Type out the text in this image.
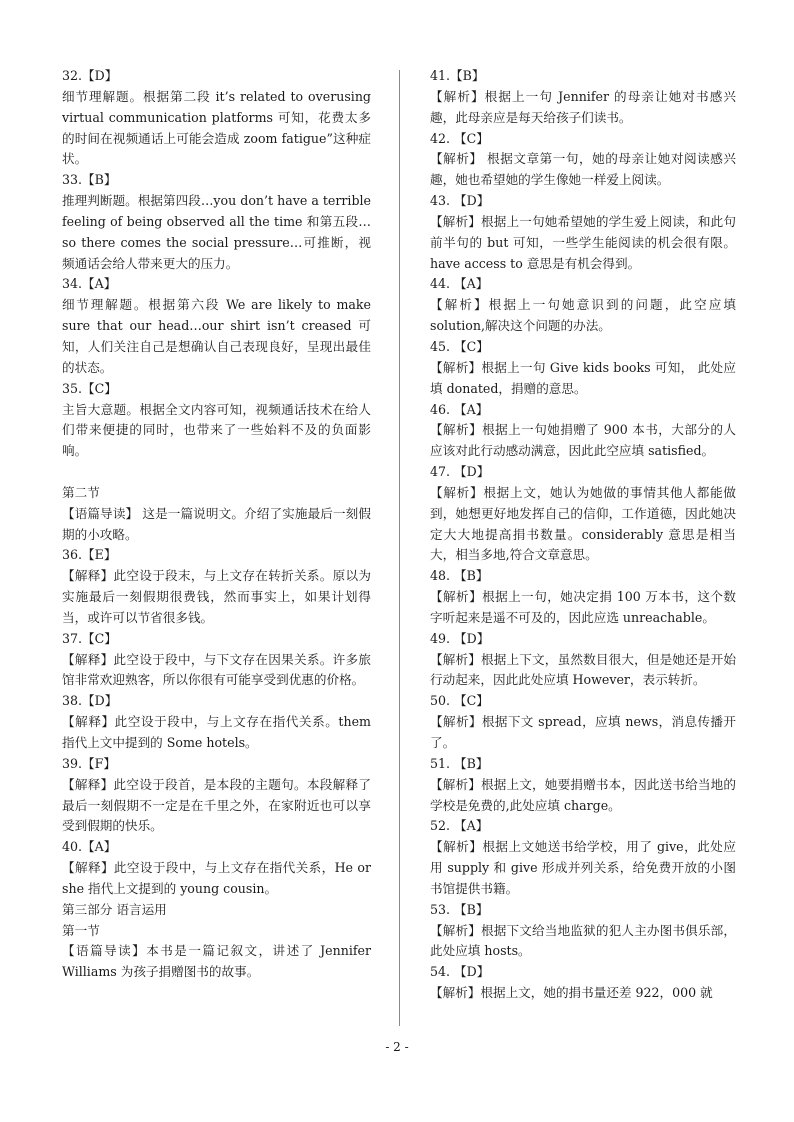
32.【D】

细节理解题。根据第二段 it’s related to overusing virtual communication platforms 可知，花费太多的时间在视频通话上可能会造成 zoom fatigue”这种症状。

33.【B】

推理判断题。根据第四段…you don’t have a terrible feeling of being observed all the time 和第五段…so there comes the social pressure…可推断，视频通话会给人带来更大的压力。

34.【A】

细节理解题。根据第六段 We are likely to make sure that our head…our shirt isn’t creased 可知，人们关注自己是想确认自己表现良好，呈现出最佳的状态。

35.【C】

主旨大意题。根据全文内容可知，视频通话技术在给人们带来便捷的同时，也带来了一些始料不及的负面影响。

第二节

【语篇导读】 这是一篇说明文。介绍了实施最后一刻假期的小攻略。

36.【E】

【解释】此空设于段末，与上文存在转折关系。原以为实施最后一刻假期很费钱，然而事实上，如果计划得当，或许可以节省很多钱。

37.【C】

【解释】此空设于段中，与下文存在因果关系。许多旅馆非常欢迎熟客，所以你很有可能享受到优惠的价格。

38.【D】

【解释】此空设于段中，与上文存在指代关系。them 指代上文中提到的 Some hotels。

39.【F】

【解释】此空设于段首，是本段的主题句。本段解释了最后一刻假期不一定是在千里之外，在家附近也可以享受到假期的快乐。

40.【A】

【解释】此空设于段中，与上文存在指代关系，He or she 指代上文提到的 young cousin。

第三部分 语言运用

第一节

【语篇导读】本书是一篇记叙文，讲述了 Jennifer Williams 为孩子捐赠图书的故事。

41.【B】

【解析】根据上一句 Jennifer 的母亲让她对书感兴趣，此母亲应是每天给孩子们读书。

42. 【C】

【解析】 根据文章第一句，她的母亲让她对阅读感兴趣，她也希望她的学生像她一样爱上阅读。

43. 【D】

【解析】根据上一句她希望她的学生爱上阅读，和此句前半句的 but 可知，一些学生能阅读的机会很有限。have access to 意思是有机会得到。

44. 【A】

【解析】根据上一句她意识到的问题，此空应填 solution,解决这个问题的办法。

45. 【C】

【解析】根据上一句 Give kids books 可知， 此处应填 donated，捐赠的意思。

46. 【A】

【解析】根据上一句她捐赠了 900 本书，大部分的人应该对此行动感动满意，因此此空应填 satisfied。

47. 【D】

【解析】根据上文，她认为她做的事情其他人都能做到，她想更好地发挥自己的信仰，工作道德，因此她决定大大地提高捐书数量。considerably 意思是相当大，相当多地,符合文章意思。

48. 【B】

【解析】根据上一句，她决定捐 100 万本书，这个数字听起来是遥不可及的，因此应选 unreachable。

49. 【D】

【解析】根据上下文，虽然数目很大，但是她还是开始行动起来，因此此处应填 However，表示转折。

50. 【C】

【解析】根据下文 spread，应填 news，消息传播开了。

51. 【B】

【解析】根据上文，她要捐赠书本，因此送书给当地的学校是免费的,此处应填 charge。

52. 【A】

【解析】根据上文她送书给学校，用了 give，此处应用 supply 和 give 形成并列关系，给免费开放的小图书馆提供书籍。

53. 【B】

【解析】根据下文给当地监狱的犯人主办图书俱乐部，此处应填 hosts。

54. 【D】

【解析】根据上文，她的捐书量还差 922，000 就

- 2 -
